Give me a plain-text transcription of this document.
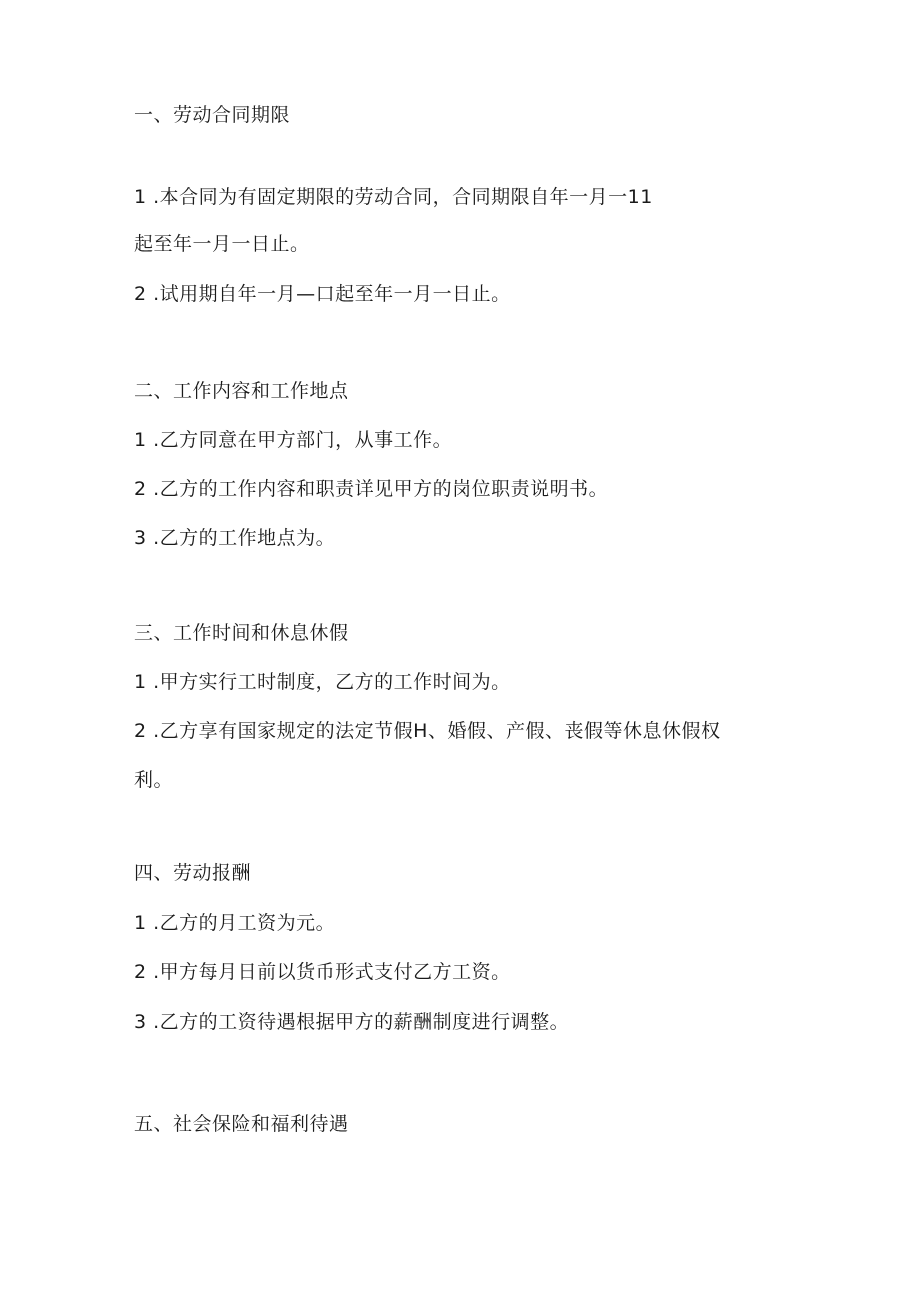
一、劳动合同期限
1 .本合同为有固定期限的劳动合同，合同期限自年一月一11
起至年一月一日止。
2 .试用期自年一月—口起至年一月一日止。
二、工作内容和工作地点
1 .乙方同意在甲方部门，从事工作。
2 .乙方的工作内容和职责详见甲方的岗位职责说明书。
3 .乙方的工作地点为。
三、工作时间和休息休假
1 .甲方实行工时制度，乙方的工作时间为。
2 .乙方享有国家规定的法定节假H、婚假、产假、丧假等休息休假权
利。
四、劳动报酬
1 .乙方的月工资为元。
2 .甲方每月日前以货币形式支付乙方工资。
3 .乙方的工资待遇根据甲方的薪酬制度进行调整。
五、社会保险和福利待遇
